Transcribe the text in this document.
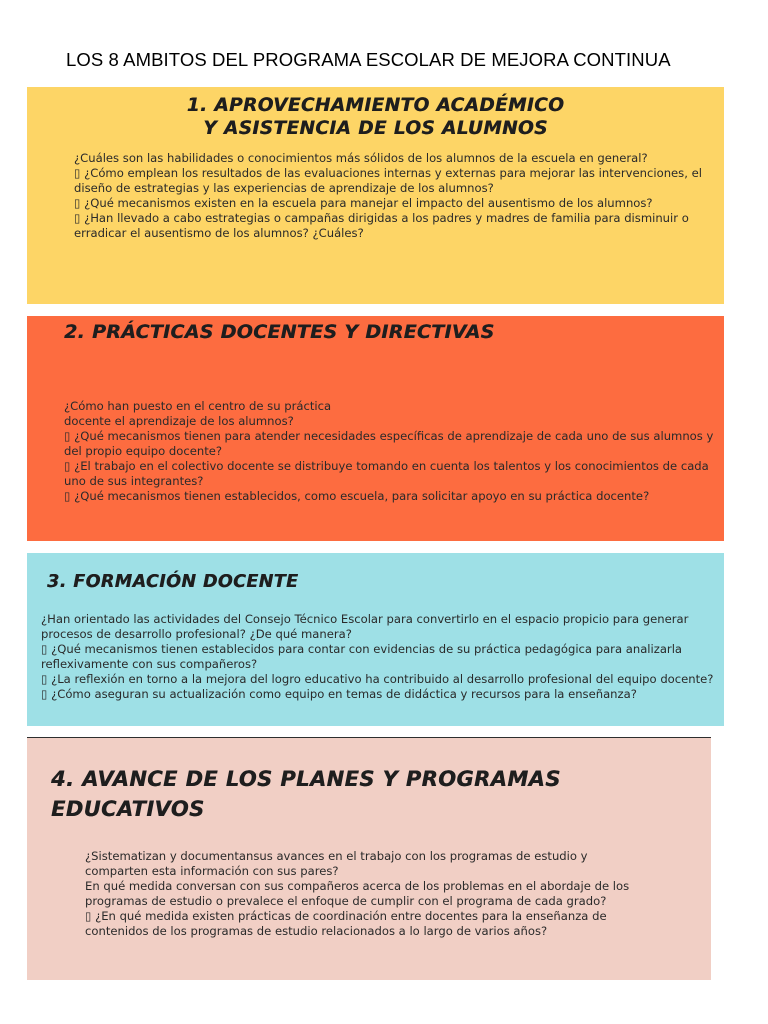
LOS 8 AMBITOS DEL PROGRAMA ESCOLAR DE MEJORA CONTINUA
1. APROVECHAMIENTO ACADÉMICO
Y ASISTENCIA DE LOS ALUMNOS

¿Cuáles son las habilidades o conocimientos más sólidos de los alumnos de la escuela en general?

▯ ¿Cómo emplean los resultados de las evaluaciones internas y externas para mejorar las intervenciones, el diseño de estrategias y las experiencias de aprendizaje de los alumnos?

▯ ¿Qué mecanismos existen en la escuela para manejar el impacto del ausentismo de los alumnos?

▯ ¿Han llevado a cabo estrategias o campañas dirigidas a los padres y madres de familia para disminuir o erradicar el ausentismo de los alumnos? ¿Cuáles?

2. PRÁCTICAS DOCENTES Y DIRECTIVAS

¿Cómo han puesto en el centro de su práctica
docente el aprendizaje de los alumnos?

▯ ¿Qué mecanismos tienen para atender necesidades específicas de aprendizaje de cada uno de sus alumnos y del propio equipo docente?

▯ ¿El trabajo en el colectivo docente se distribuye tomando en cuenta los talentos y los conocimientos de cada uno de sus integrantes?

▯ ¿Qué mecanismos tienen establecidos, como escuela, para solicitar apoyo en su práctica docente?

3. FORMACIÓN DOCENTE

¿Han orientado las actividades del Consejo Técnico Escolar para convertirlo en el espacio propicio para generar procesos de desarrollo profesional? ¿De qué manera?

▯ ¿Qué mecanismos tienen establecidos para contar con evidencias de su práctica pedagógica para analizarla reflexivamente con sus compañeros?

▯ ¿La reflexión en torno a la mejora del logro educativo ha contribuido al desarrollo profesional del equipo docente?

▯ ¿Cómo aseguran su actualización como equipo en temas de didáctica y recursos para la enseñanza?

4. AVANCE DE LOS PLANES Y PROGRAMAS
EDUCATIVOS

¿Sistematizan y documentansus avances en el trabajo con los programas de estudio y comparten esta información con sus pares?

En qué medida conversan con sus compañeros acerca de los problemas en el abordaje de los programas de estudio o prevalece el enfoque de cumplir con el programa de cada grado?

▯ ¿En qué medida existen prácticas de coordinación entre docentes para la enseñanza de contenidos de los programas de estudio relacionados a lo largo de varios años?
